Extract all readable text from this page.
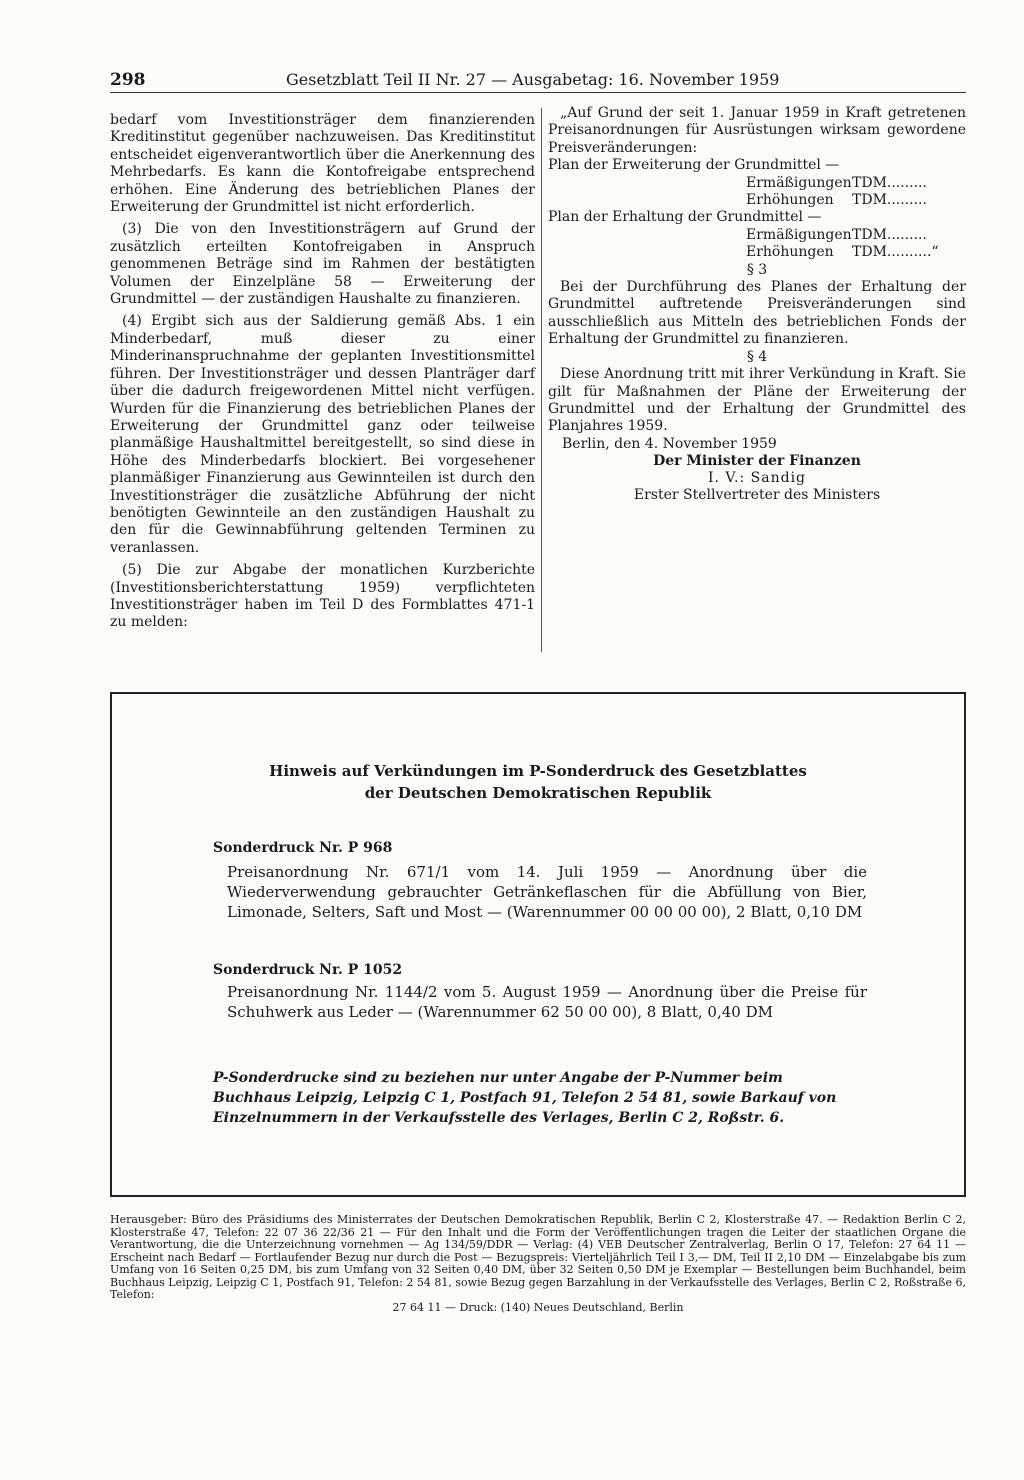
298	Gesetzblatt Teil II Nr. 27 — Ausgabetag: 16. November 1959

bedarf vom Investitionsträger dem finanzierenden Kreditinstitut gegenüber nachzuweisen. Das Kreditinstitut entscheidet eigenverantwortlich über die Anerkennung des Mehrbedarfs. Es kann die Kontofreigabe entsprechend erhöhen. Eine Änderung des betrieblichen Planes der Erweiterung der Grundmittel ist nicht erforderlich.

(3) Die von den Investitionsträgern auf Grund der zusätzlich erteilten Kontofreigaben in Anspruch genommenen Beträge sind im Rahmen der bestätigten Volumen der Einzelpläne 58 — Erweiterung der Grundmittel — der zuständigen Haushalte zu finanzieren.

(4) Ergibt sich aus der Saldierung gemäß Abs. 1 ein Minderbedarf, muß dieser zu einer Minderinanspruchnahme der geplanten Investitionsmittel führen. Der Investitionsträger und dessen Planträger darf über die dadurch freigewordenen Mittel nicht verfügen. Wurden für die Finanzierung des betrieblichen Planes der Erweiterung der Grundmittel ganz oder teilweise planmäßige Haushaltmittel bereitgestellt, so sind diese in Höhe des Minderbedarfs blockiert. Bei vorgesehener planmäßiger Finanzierung aus Gewinnteilen ist durch den Investitionsträger die zusätzliche Abführung der nicht benötigten Gewinnteile an den zuständigen Haushalt zu den für die Gewinnabführung geltenden Terminen zu veranlassen.

(5) Die zur Abgabe der monatlichen Kurzberichte (Investitionsberichterstattung 1959) verpflichteten Investitionsträger haben im Teil D des Formblattes 471-1 zu melden:

„Auf Grund der seit 1. Januar 1959 in Kraft getretenen Preisanordnungen für Ausrüstungen wirksam gewordene Preisveränderungen:

Plan der Erweiterung der Grundmittel —

Ermäßigungen TDM.........
Erhöhungen	TDM.........

Plan der Erhaltung der Grundmittel —

Ermäßigungen TDM.........
Erhöhungen	TDM..........“

§ 3

Bei der Durchführung des Planes der Erhaltung der Grundmittel auftretende Preisveränderungen sind ausschließlich aus Mitteln des betrieblichen Fonds der Erhaltung der Grundmittel zu finanzieren.

§ 4

Diese Anordnung tritt mit ihrer Verkündung in Kraft. Sie gilt für Maßnahmen der Pläne der Erweiterung der Grundmittel und der Erhaltung der Grundmittel des Planjahres 1959.

Berlin, den 4. November 1959

Der Minister der Finanzen

I. V.: Sandig

Erster Stellvertreter des Ministers

Hinweis auf Verkündungen im P-Sonderdruck des Gesetzblattes
der Deutschen Demokratischen Republik
Sonderdruck Nr. P 968
Preisanordnung Nr. 671/1 vom 14. Juli 1959 — Anordnung über die Wiederverwendung gebrauchter Getränkeflaschen für die Abfüllung von Bier, Limonade, Selters, Saft und Most — (Warennummer 00 00 00 00), 2 Blatt, 0,10 DM
Sonderdruck Nr. P 1052
Preisanordnung Nr. 1144/2 vom 5. August 1959 — Anordnung über die Preise für Schuhwerk aus Leder — (Warennummer 62 50 00 00), 8 Blatt, 0,40 DM
P-Sonderdrucke sind zu beziehen nur unter Angabe der P-Nummer beim Buchhaus Leipzig, Leipzig C 1, Postfach 91, Telefon 2 54 81, sowie Barkauf von Einzelnummern in der Verkaufsstelle des Verlages, Berlin C 2, Roßstr. 6.
Herausgeber: Büro des Präsidiums des Ministerrates der Deutschen Demokratischen Republik, Berlin C 2, Klosterstraße 47. — Redaktion Berlin C 2, Klosterstraße 47, Telefon: 22 07 36 22/36 21 — Für den Inhalt und die Form der Veröffentlichungen tragen die Leiter der staatlichen Organe die Verantwortung, die die Unterzeichnung vornehmen — Ag 134/59/DDR — Verlag: (4) VEB Deutscher Zentralverlag, Berlin O 17, Telefon: 27 64 11 — Erscheint nach Bedarf — Fortlaufender Bezug nur durch die Post — Bezugspreis: Vierteljährlich Teil I 3,— DM, Teil II 2,10 DM — Einzelabgabe bis zum Umfang von 16 Seiten 0,25 DM, bis zum Umfang von 32 Seiten 0,40 DM, über 32 Seiten 0,50 DM je Exemplar — Bestellungen beim Buchhandel, beim Buchhaus Leipzig, Leipzig C 1, Postfach 91, Telefon: 2 54 81, sowie Bezug gegen Barzahlung in der Verkaufsstelle des Verlages, Berlin C 2, Roßstraße 6, Telefon:
27 64 11 — Druck: (140) Neues Deutschland, Berlin
